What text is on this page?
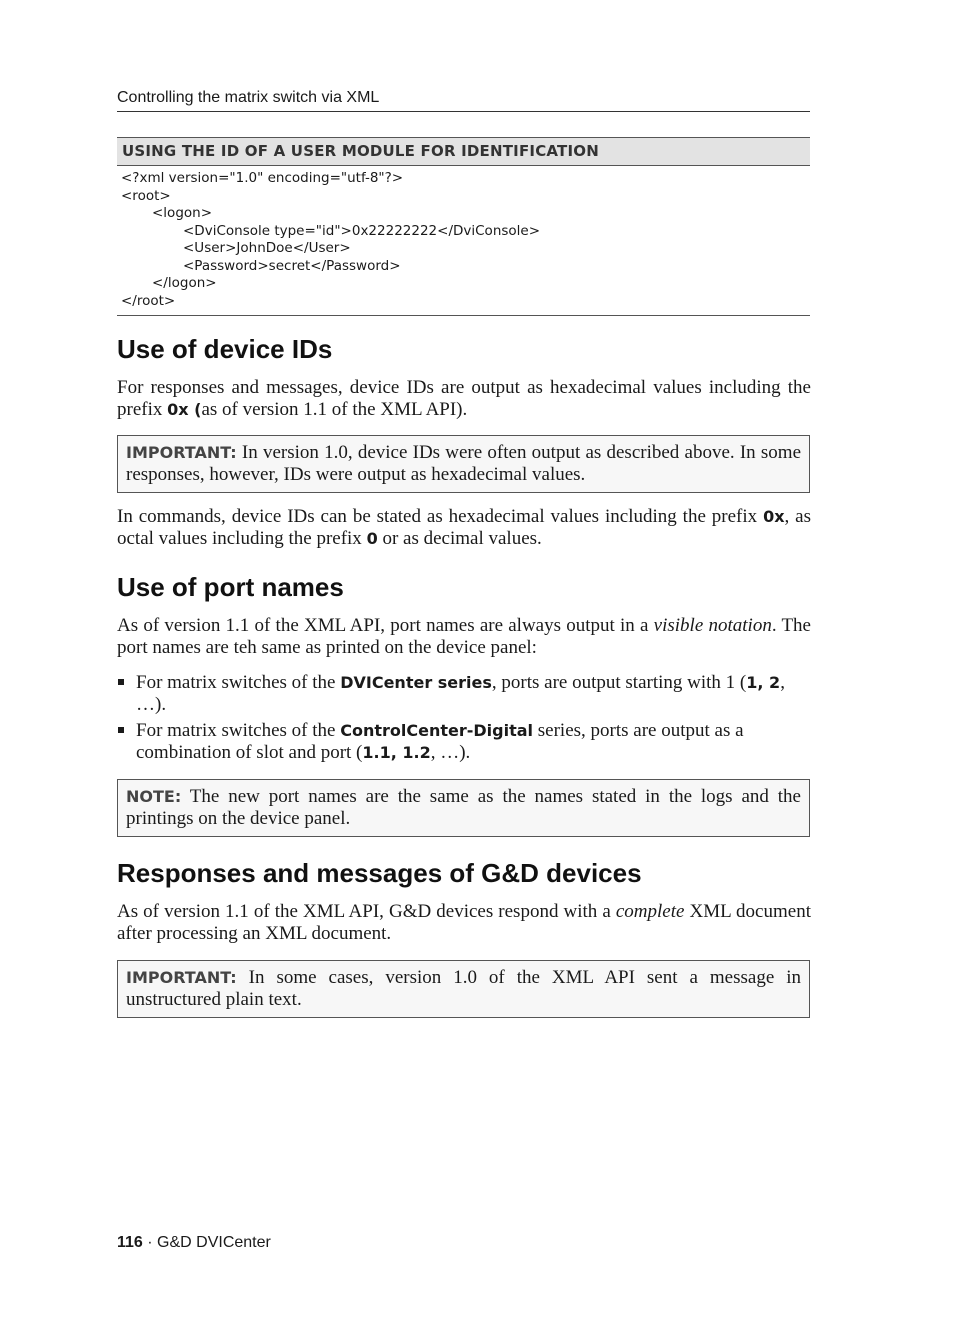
Controlling the matrix switch via XML
USING THE ID OF A USER MODULE FOR IDENTIFICATION
<?xml version="1.0" encoding="utf-8"?>
<root>
<logon>
<DviConsole type="id">0x22222222</DviConsole>
<User>JohnDoe</User>
<Password>secret</Password>
</logon>
</root>
Use of device IDs

For responses and messages, device IDs are output as hexadecimal values including the prefix 0x (as of version 1.1 of the XML API).

IMPORTANT: In version 1.0, device IDs were often output as described above. In some responses, however, IDs were output as hexadecimal values.

In commands, device IDs can be stated as hexadecimal values including the prefix 0x, as octal values including the prefix 0 or as decimal values.

Use of port names

As of version 1.1 of the XML API, port names are always output in a visible notation. The port names are teh same as printed on the device panel:

For matrix switches of the DVICenter series, ports are output starting with 1 (1, 2, …).
For matrix switches of the ControlCenter-Digital series, ports are output as a combination of slot and port (1.1, 1.2, …).
NOTE: The new port names are the same as the names stated in the logs and the printings on the device panel.
Responses and messages of G&D devices

As of version 1.1 of the XML API, G&D devices respond with a complete XML document after processing an XML document.

IMPORTANT: In some cases, version 1.0 of the XML API sent a message in unstructured plain text.
116 · G&D DVICenter
